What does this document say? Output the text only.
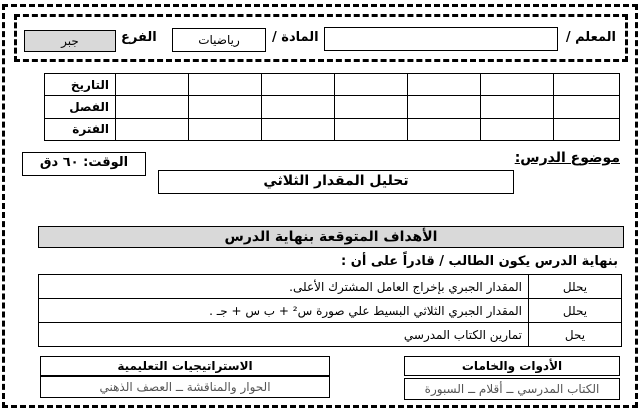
المعلم /
المادة /
رياضيات
الفرع
جبر
التاريخ							
الفصل							
الفترة							
موضوع الدرس:
تحليل المقدار الثلاثي
الوقت: ٦٠ دق
الأهداف المتوقعة بنهاية الدرس
بنهاية الدرس يكون الطالب / قادراً على أن :
المقدار الجبري بإخراج العامل المشترك الأعلى.	يحلل
المقدار الجبري الثلاثي البسيط علي صورة س² + ب س + جـ .	يحلل
تمارين الكتاب المدرسي	يحل
الاستراتيجيات التعليمية
الحوار والمناقشة ــ العصف الذهني
الأدوات والخامات
الكتاب المدرسي ــ أقلام ــ السبورة
